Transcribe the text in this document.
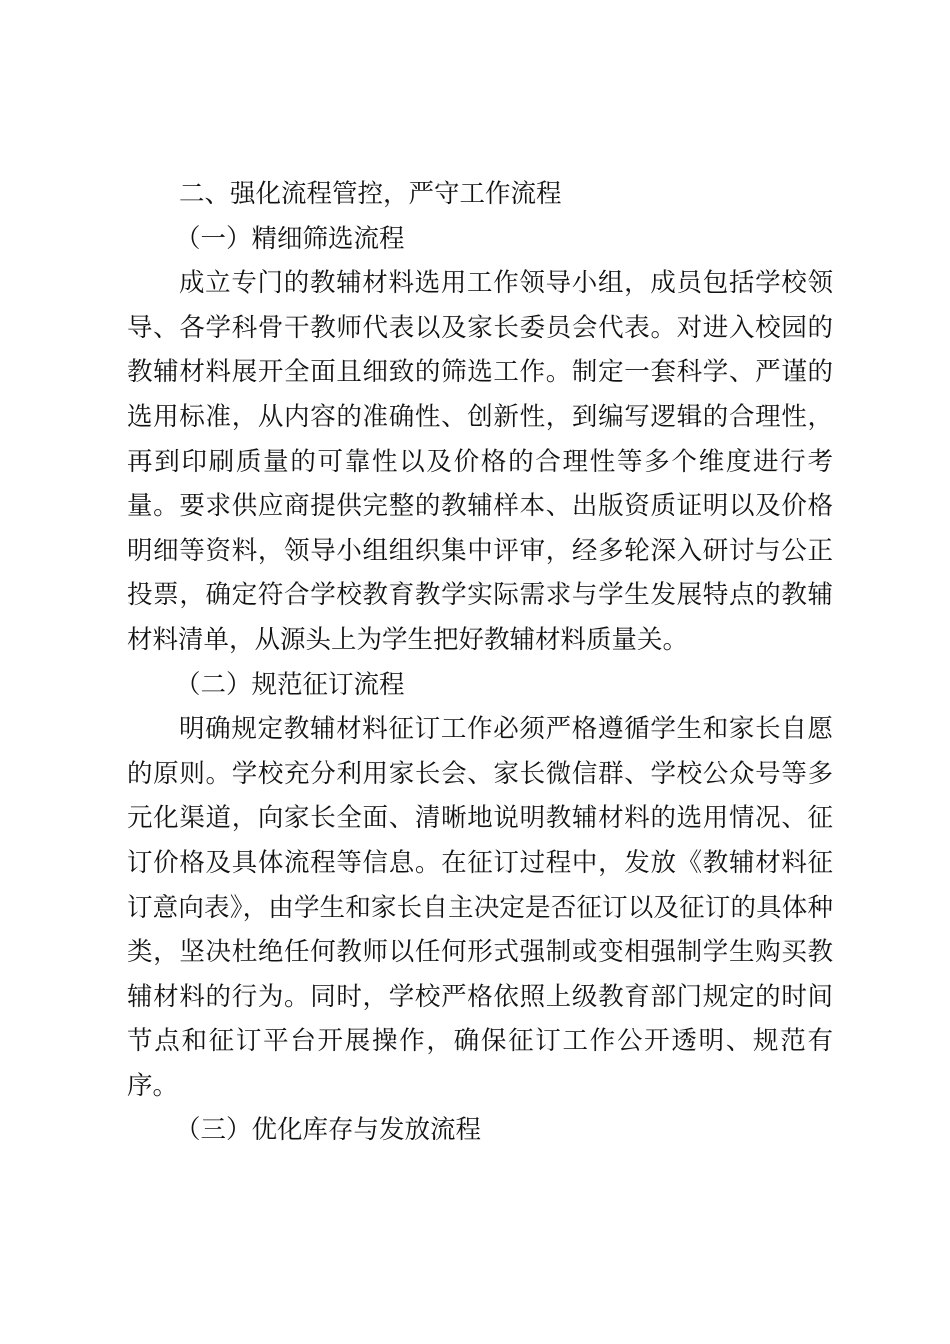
二、强化流程管控，严守工作流程
（一）精细筛选流程

成立专门的教辅材料选用工作领导小组，成员包括学校领导、各学科骨干教师代表以及家长委员会代表。对进入校园的教辅材料展开全面且细致的筛选工作。制定一套科学、严谨的选用标准，从内容的准确性、创新性，到编写逻辑的合理性，再到印刷质量的可靠性以及价格的合理性等多个维度进行考量。要求供应商提供完整的教辅样本、出版资质证明以及价格明细等资料，领导小组组织集中评审，经多轮深入研讨与公正投票，确定符合学校教育教学实际需求与学生发展特点的教辅材料清单，从源头上为学生把好教辅材料质量关。

（二）规范征订流程

明确规定教辅材料征订工作必须严格遵循学生和家长自愿的原则。学校充分利用家长会、家长微信群、学校公众号等多元化渠道，向家长全面、清晰地说明教辅材料的选用情况、征订价格及具体流程等信息。在征订过程中，发放《教辅材料征订意向表》，由学生和家长自主决定是否征订以及征订的具体种类，坚决杜绝任何教师以任何形式强制或变相强制学生购买教辅材料的行为。同时，学校严格依照上级教育部门规定的时间节点和征订平台开展操作，确保征订工作公开透明、规范有序。

（三）优化库存与发放流程
